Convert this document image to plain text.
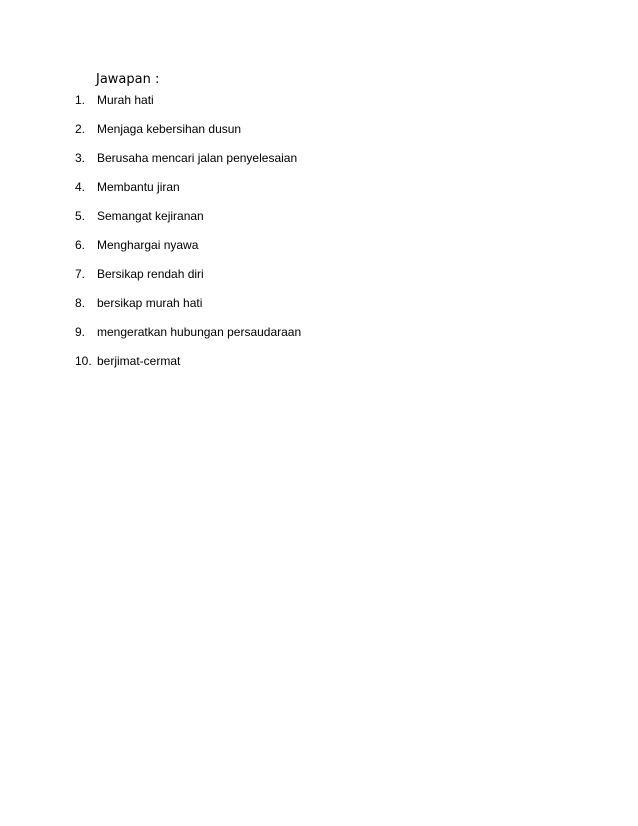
Jawapan :
1. Murah hati
2. Menjaga kebersihan dusun
3. Berusaha mencari jalan penyelesaian
4. Membantu jiran
5. Semangat kejiranan
6. Menghargai nyawa
7. Bersikap rendah diri
8. bersikap murah hati
9. mengeratkan hubungan persaudaraan
10. berjimat-cermat
